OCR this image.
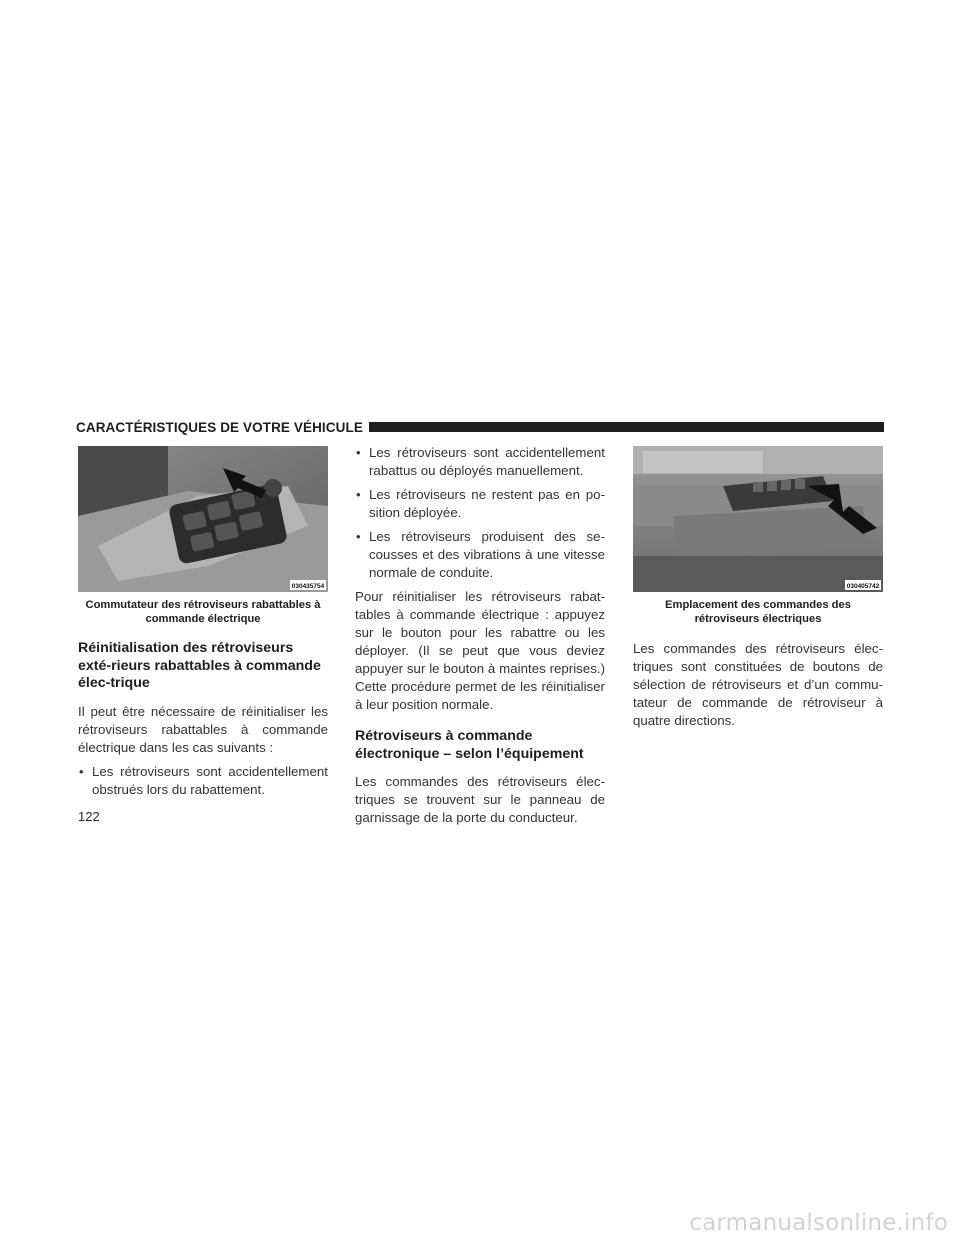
CARACTÉRISTIQUES DE VOTRE VÉHICULE
030435754
Commutateur des rétroviseurs rabattables à commande électrique
Réinitialisation des rétroviseurs exté-rieurs rabattables à commande élec-trique

Il peut être nécessaire de réinitialiser les rétroviseurs rabattables à commande électrique dans les cas suivants :

• Les rétroviseurs sont accidentellement obstrués lors du rabattement.
• Les rétroviseurs sont accidentellement rabattus ou déployés manuellement.
• Les rétroviseurs ne restent pas en po-sition déployée.
• Les rétroviseurs produisent des se-cousses et des vibrations à une vitesse normale de conduite.

Pour réinitialiser les rétroviseurs rabat-tables à commande électrique : appuyez sur le bouton pour les rabattre ou les déployer. (Il se peut que vous deviez appuyer sur le bouton à maintes reprises.) Cette procédure permet de les réinitialiser à leur position normale.

Rétroviseurs à commande électronique – selon l’équipement

Les commandes des rétroviseurs élec-triques se trouvent sur le panneau de garnissage de la porte du conducteur.

030405742
Emplacement des commandes des rétroviseurs électriques

Les commandes des rétroviseurs élec-triques sont constituées de boutons de sélection de rétroviseurs et d’un commu-tateur de commande de rétroviseur à quatre directions.

122
carmanualsonline.info
